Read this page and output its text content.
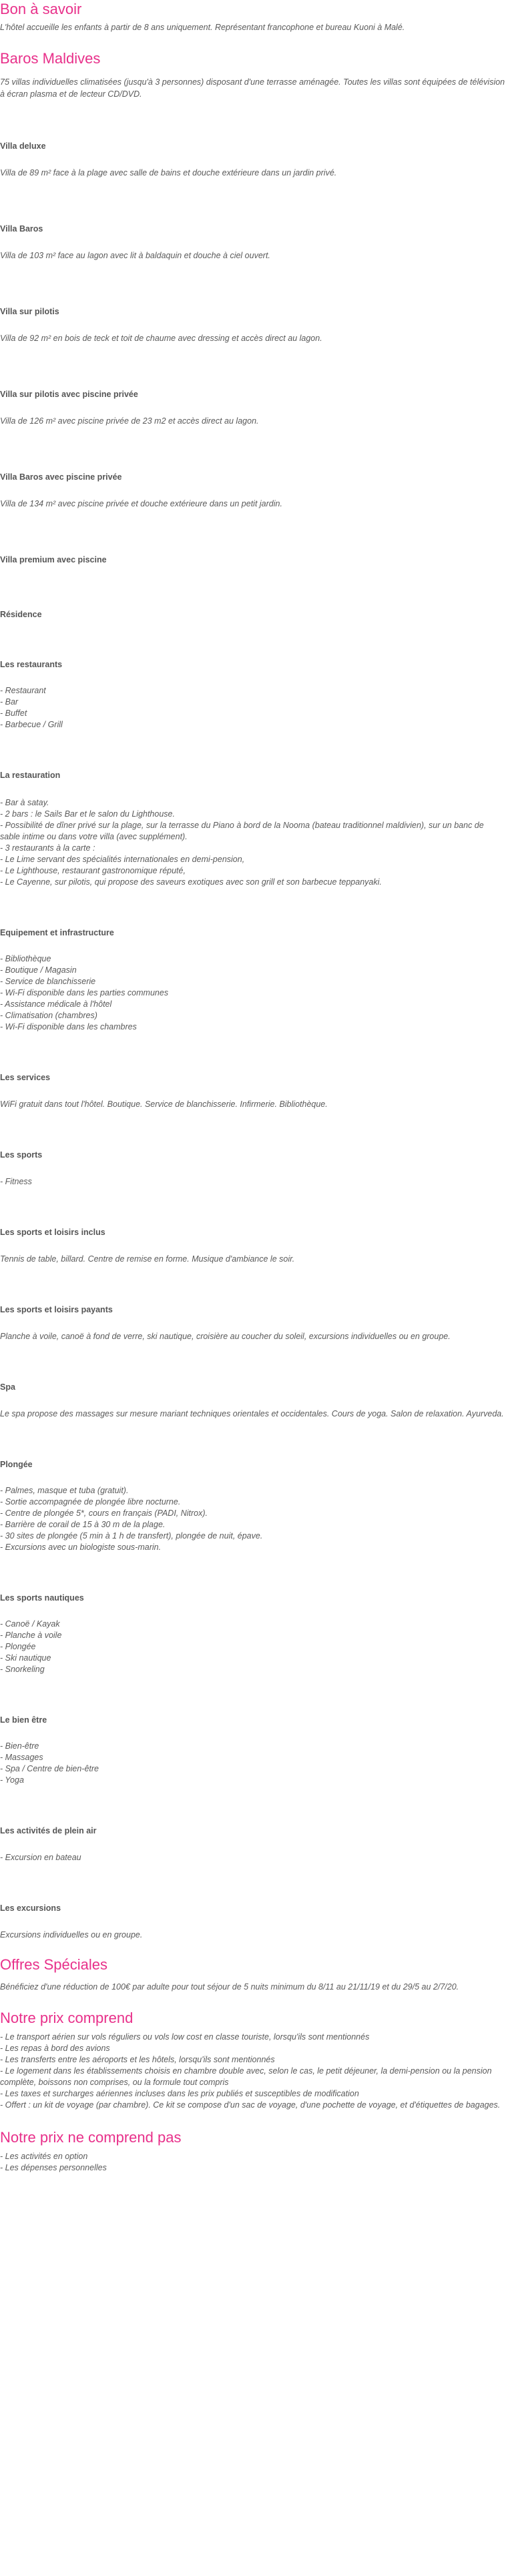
Bon à savoir

L'hôtel accueille les enfants à partir de 8 ans uniquement. Représentant francophone et bureau Kuoni à Malé.

Baros Maldives

75 villas individuelles climatisées (jusqu'à 3 personnes) disposant d'une terrasse aménagée. Toutes les villas sont équipées de télévision à écran plasma et de lecteur CD/DVD.

Villa deluxe

Villa de 89 m² face à la plage avec salle de bains et douche extérieure dans un jardin privé.

Villa Baros

Villa de 103 m² face au lagon avec lit à baldaquin et douche à ciel ouvert.

Villa sur pilotis

Villa de 92 m² en bois de teck et toit de chaume avec dressing et accès direct au lagon.

Villa sur pilotis avec piscine privée

Villa de 126 m² avec piscine privée de 23 m2 et accès direct au lagon.

Villa Baros avec piscine privée

Villa de 134 m² avec piscine privée et douche extérieure dans un petit jardin.

Villa premium avec piscine
Résidence
Les restaurants
- Restaurant
- Bar
- Buffet
- Barbecue / Grill
La restauration
- Bar à satay.
- 2 bars : le Sails Bar et le salon du Lighthouse.
- Possibilité de dîner privé sur la plage, sur la terrasse du Piano à bord de la Nooma (bateau traditionnel maldivien), sur un banc de sable intime ou dans votre villa (avec supplément).
- 3 restaurants à la carte :
- Le Lime servant des spécialités internationales en demi-pension,
- Le Lighthouse, restaurant gastronomique réputé,
- Le Cayenne, sur pilotis, qui propose des saveurs exotiques avec son grill et son barbecue teppanyaki.
Equipement et infrastructure
- Bibliothèque
- Boutique / Magasin
- Service de blanchisserie
- Wi-Fi disponible dans les parties communes
- Assistance médicale à l'hôtel
- Climatisation (chambres)
- Wi-Fi disponible dans les chambres
Les services

WiFi gratuit dans tout l'hôtel. Boutique. Service de blanchisserie. Infirmerie. Bibliothèque.

Les sports

- Fitness

Les sports et loisirs inclus

Tennis de table, billard. Centre de remise en forme. Musique d'ambiance le soir.

Les sports et loisirs payants

Planche à voile, canoë à fond de verre, ski nautique, croisière au coucher du soleil, excursions individuelles ou en groupe.

Spa

Le spa propose des massages sur mesure mariant techniques orientales et occidentales. Cours de yoga. Salon de relaxation. Ayurveda.

Plongée
- Palmes, masque et tuba (gratuit).
- Sortie accompagnée de plongée libre nocturne.
- Centre de plongée 5*, cours en français (PADI, Nitrox).
- Barrière de corail de 15 à 30 m de la plage.
- 30 sites de plongée (5 min à 1 h de transfert), plongée de nuit, épave.
- Excursions avec un biologiste sous-marin.
Les sports nautiques
- Canoë / Kayak
- Planche à voile
- Plongée
- Ski nautique
- Snorkeling
Le bien être
- Bien-être
- Massages
- Spa / Centre de bien-être
- Yoga
Les activités de plein air

- Excursion en bateau

Les excursions

Excursions individuelles ou en groupe.

Offres Spéciales

Bénéficiez d'une réduction de 100€ par adulte pour tout séjour de 5 nuits minimum du 8/11 au 21/11/19 et du 29/5 au 2/7/20.

Notre prix comprend
- Le transport aérien sur vols réguliers ou vols low cost en classe touriste, lorsqu'ils sont mentionnés
- Les repas à bord des avions
- Les transferts entre les aéroports et les hôtels, lorsqu'ils sont mentionnés
- Le logement dans les établissements choisis en chambre double avec, selon le cas, le petit déjeuner, la demi-pension ou la pension complète, boissons non comprises, ou la formule tout compris
- Les taxes et surcharges aériennes incluses dans les prix publiés et susceptibles de modification
- Offert : un kit de voyage (par chambre). Ce kit se compose d'un sac de voyage, d'une pochette de voyage, et d'étiquettes de bagages.
Notre prix ne comprend pas
- Les activités en option
- Les dépenses personnelles
